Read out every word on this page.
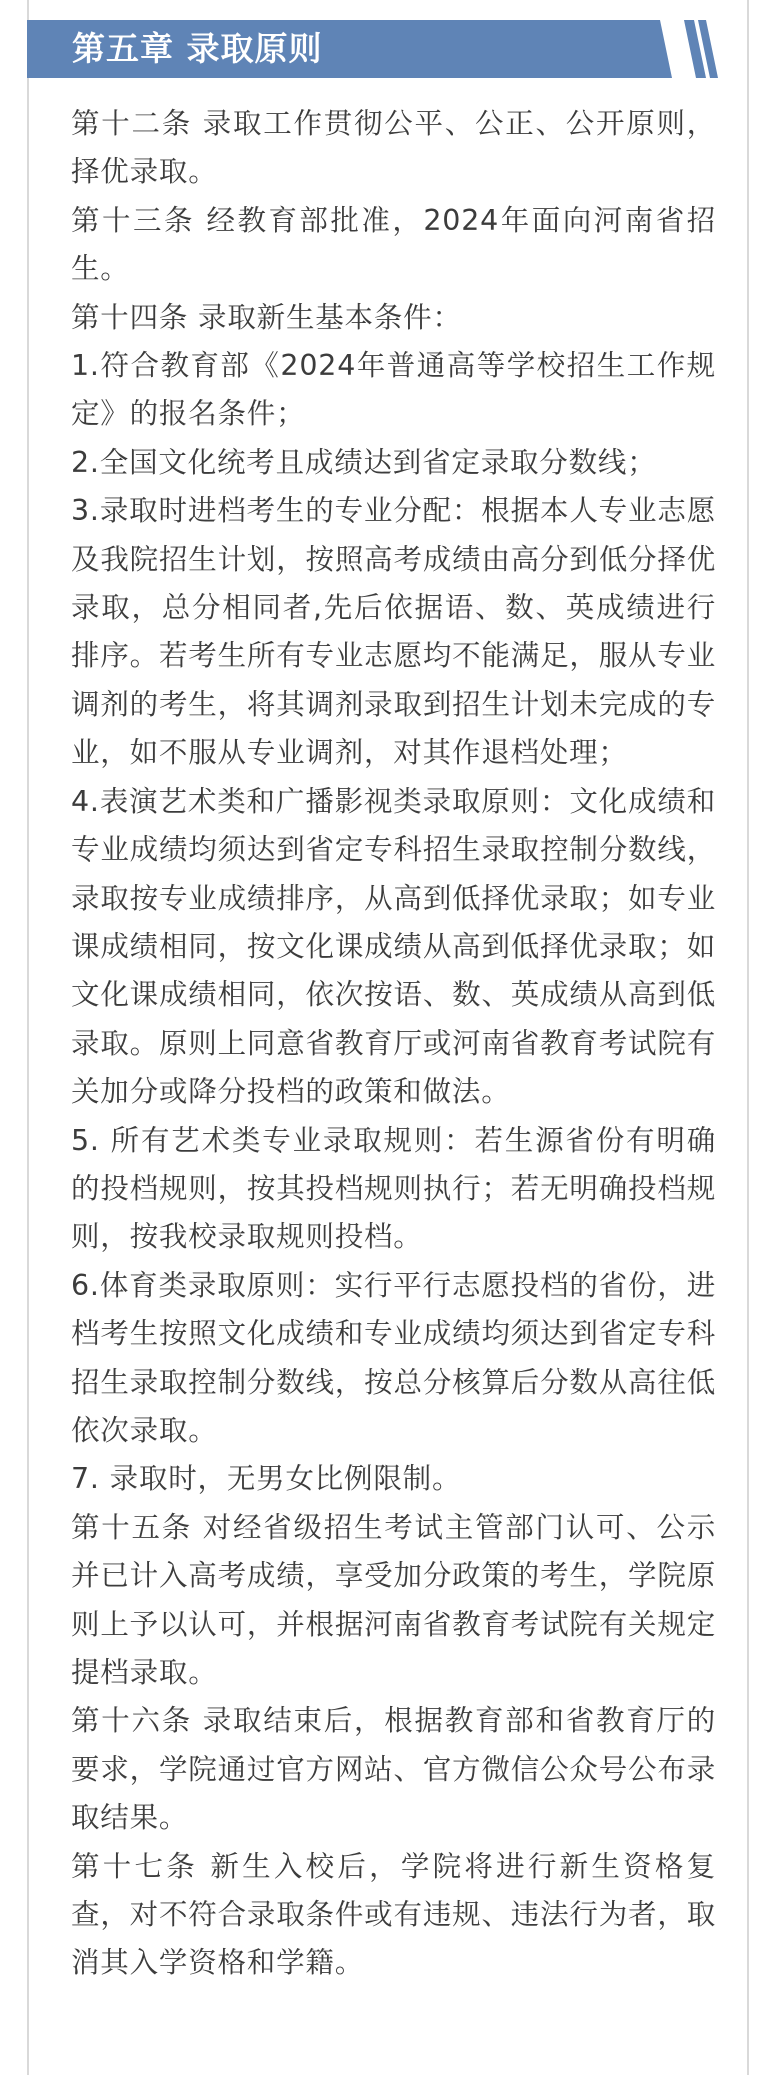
第五章 录取原则

第十二条 录取工作贯彻公平、公正、公开原则，择优录取。

第十三条 经教育部批准，2024年面向河南省招生。

第十四条 录取新生基本条件：

1.符合教育部《2024年普通高等学校招生工作规定》的报名条件；

2.全国文化统考且成绩达到省定录取分数线；

3.录取时进档考生的专业分配：根据本人专业志愿及我院招生计划，按照高考成绩由高分到低分择优录取，总分相同者,先后依据语、数、英成绩进行排序。若考生所有专业志愿均不能满足，服从专业调剂的考生，将其调剂录取到招生计划未完成的专业，如不服从专业调剂，对其作退档处理；

4.表演艺术类和广播影视类录取原则：文化成绩和专业成绩均须达到省定专科招生录取控制分数线，录取按专业成绩排序，从高到低择优录取；如专业课成绩相同，按文化课成绩从高到低择优录取；如文化课成绩相同，依次按语、数、英成绩从高到低录取。原则上同意省教育厅或河南省教育考试院有关加分或降分投档的政策和做法。

5. 所有艺术类专业录取规则：若生源省份有明确的投档规则，按其投档规则执行；若无明确投档规则，按我校录取规则投档。

6.体育类录取原则：实行平行志愿投档的省份，进档考生按照文化成绩和专业成绩均须达到省定专科招生录取控制分数线，按总分核算后分数从高往低依次录取。

7. 录取时，无男女比例限制。

第十五条 对经省级招生考试主管部门认可、公示并已计入高考成绩，享受加分政策的考生，学院原则上予以认可，并根据河南省教育考试院有关规定提档录取。

第十六条 录取结束后，根据教育部和省教育厅的要求，学院通过官方网站、官方微信公众号公布录取结果。

第十七条 新生入校后，学院将进行新生资格复查，对不符合录取条件或有违规、违法行为者，取消其入学资格和学籍。
